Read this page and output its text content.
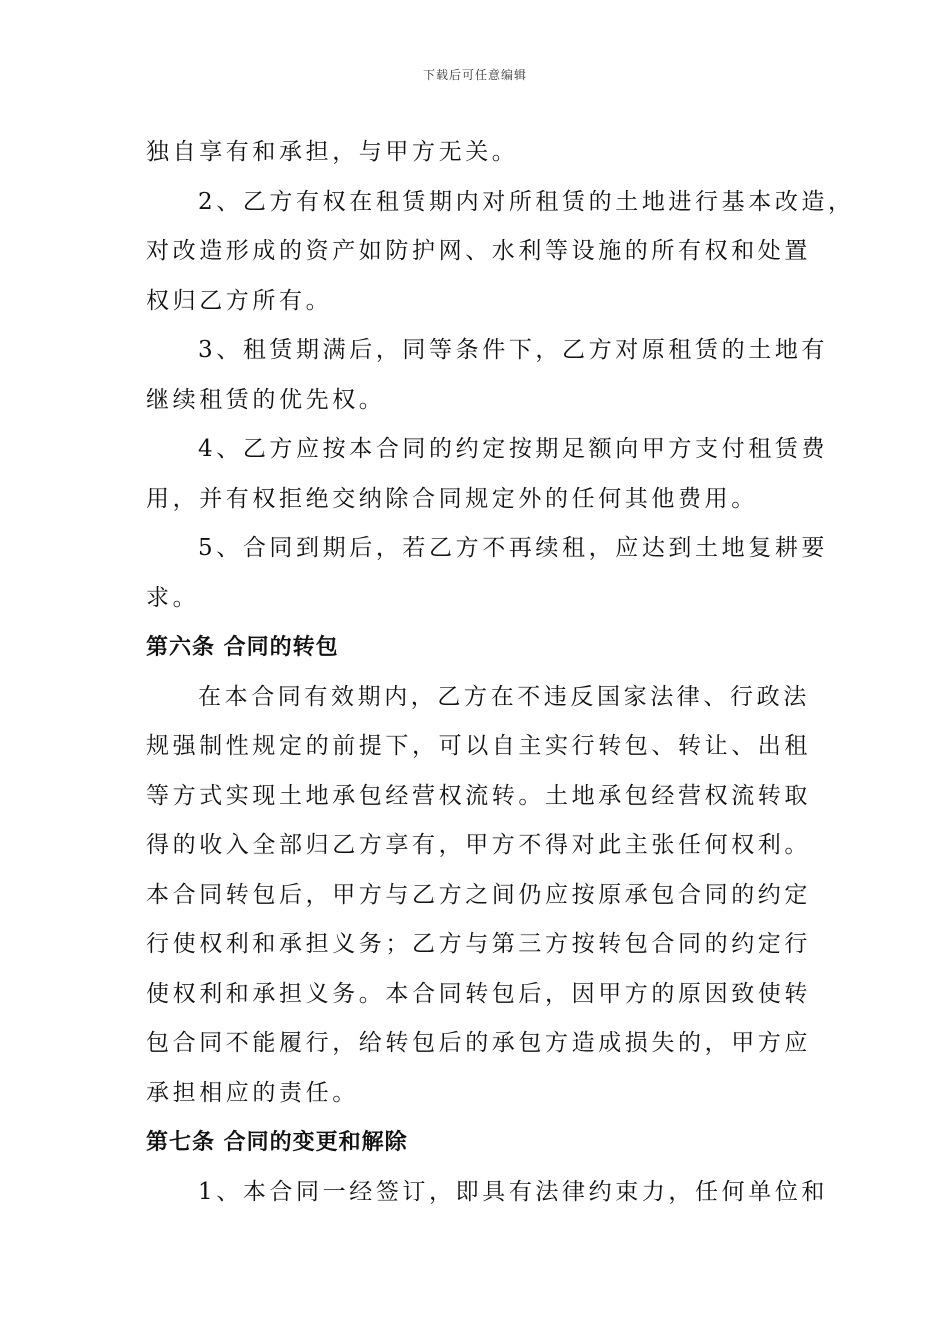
下载后可任意编辑
独自享有和承担，与甲方无关。
2、乙方有权在租赁期内对所租赁的土地进行基本改造，
对改造形成的资产如防护网、水利等设施的所有权和处置
权归乙方所有。
3、租赁期满后，同等条件下，乙方对原租赁的土地有
继续租赁的优先权。
4、乙方应按本合同的约定按期足额向甲方支付租赁费
用，并有权拒绝交纳除合同规定外的任何其他费用。
5、合同到期后，若乙方不再续租，应达到土地复耕要
求。
第六条 合同的转包
在本合同有效期内，乙方在不违反国家法律、行政法
规强制性规定的前提下，可以自主实行转包、转让、出租
等方式实现土地承包经营权流转。土地承包经营权流转取
得的收入全部归乙方享有，甲方不得对此主张任何权利。
本合同转包后，甲方与乙方之间仍应按原承包合同的约定
行使权利和承担义务；乙方与第三方按转包合同的约定行
使权利和承担义务。本合同转包后，因甲方的原因致使转
包合同不能履行，给转包后的承包方造成损失的，甲方应
承担相应的责任。
第七条 合同的变更和解除
1、本合同一经签订，即具有法律约束力，任何单位和
